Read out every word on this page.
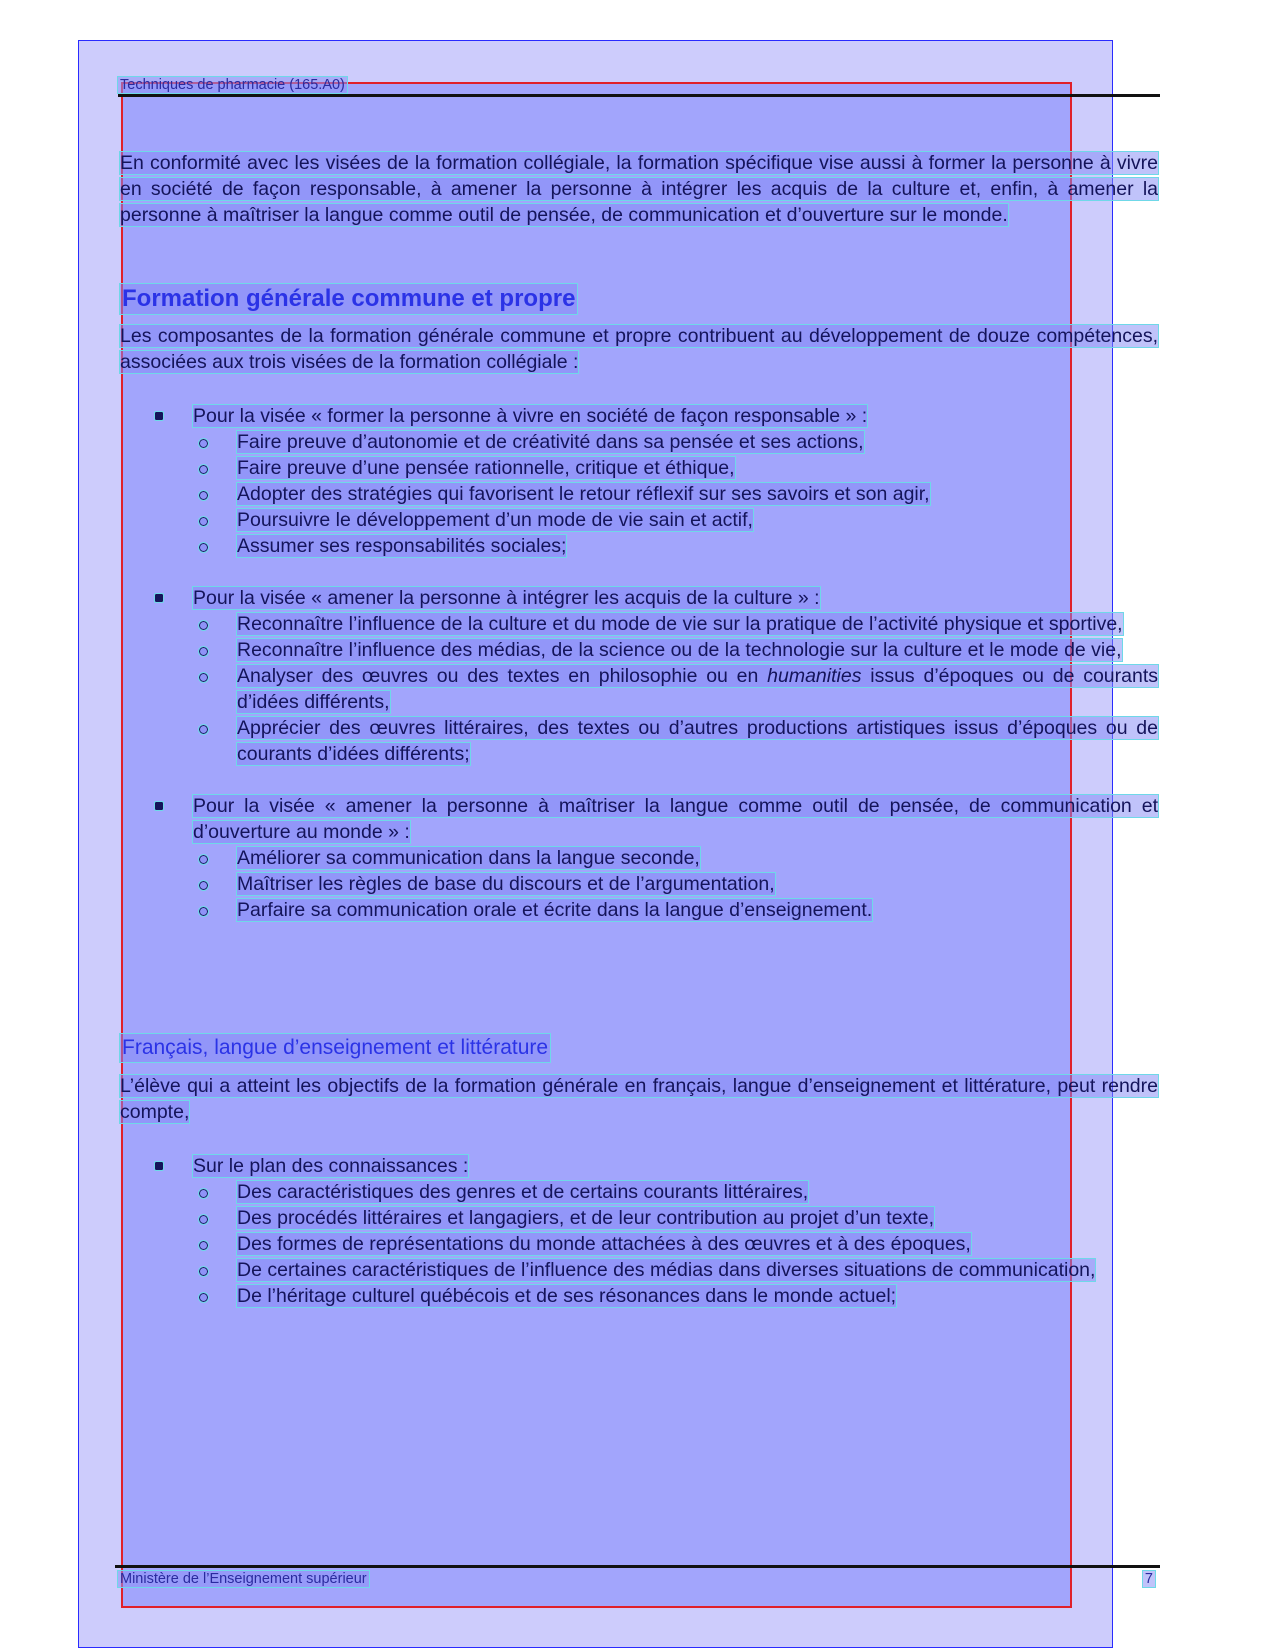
Techniques de pharmacie (165.A0)
En conformité avec les visées de la formation collégiale, la formation spécifique vise aussi à former la personne à vivre en société de façon responsable, à amener la personne à intégrer les acquis de la culture et, enfin, à amener la personne à maîtriser la langue comme outil de pensée, de communication et d’ouverture sur le monde.
Formation générale commune et propre
Les composantes de la formation générale commune et propre contribuent au développement de douze compétences, associées aux trois visées de la formation collégiale :
Pour la visée « former la personne à vivre en société de façon responsable » :
Faire preuve d’autonomie et de créativité dans sa pensée et ses actions,
Faire preuve d’une pensée rationnelle, critique et éthique,
Adopter des stratégies qui favorisent le retour réflexif sur ses savoirs et son agir,
Poursuivre le développement d’un mode de vie sain et actif,
Assumer ses responsabilités sociales;
Pour la visée « amener la personne à intégrer les acquis de la culture » :
Reconnaître l’influence de la culture et du mode de vie sur la pratique de l’activité physique et sportive,
Reconnaître l’influence des médias, de la science ou de la technologie sur la culture et le mode de vie,
Analyser des œuvres ou des textes en philosophie ou en humanities issus d’époques ou de courants d’idées différents,
Apprécier des œuvres littéraires, des textes ou d’autres productions artistiques issus d’époques ou de courants d’idées différents;
Pour la visée « amener la personne à maîtriser la langue comme outil de pensée, de communication et d’ouverture au monde » :
Améliorer sa communication dans la langue seconde,
Maîtriser les règles de base du discours et de l’argumentation,
Parfaire sa communication orale et écrite dans la langue d’enseignement.
Français, langue d’enseignement et littérature
L’élève qui a atteint les objectifs de la formation générale en français, langue d’enseignement et littérature, peut rendre compte,
Sur le plan des connaissances :
Des caractéristiques des genres et de certains courants littéraires,
Des procédés littéraires et langagiers, et de leur contribution au projet d’un texte,
Des formes de représentations du monde attachées à des œuvres et à des époques,
De certaines caractéristiques de l’influence des médias dans diverses situations de communication,
De l’héritage culturel québécois et de ses résonances dans le monde actuel;
Ministère de l’Enseignement supérieur	7
